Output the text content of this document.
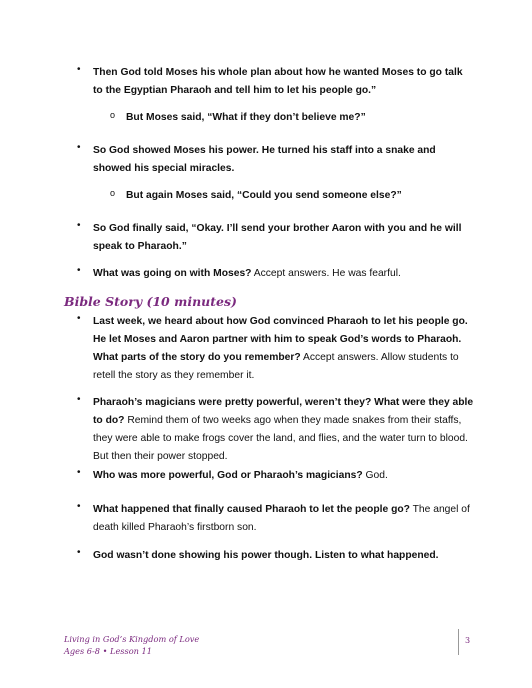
• Then God told Moses his whole plan about how he wanted Moses to go talk to the Egyptian Pharaoh and tell him to let his people go.”
o But Moses said, “What if they don’t believe me?”
• So God showed Moses his power. He turned his staff into a snake and showed his special miracles.
o But again Moses said, “Could you send someone else?”
• So God finally said, “Okay. I’ll send your brother Aaron with you and he will speak to Pharaoh.”
• What was going on with Moses? Accept answers. He was fearful.
Bible Story (10 minutes)
• Last week, we heard about how God convinced Pharaoh to let his people go. He let Moses and Aaron partner with him to speak God’s words to Pharaoh. What parts of the story do you remember? Accept answers. Allow students to retell the story as they remember it.
• Pharaoh’s magicians were pretty powerful, weren’t they? What were they able to do? Remind them of two weeks ago when they made snakes from their staffs, they were able to make frogs cover the land, and flies, and the water turn to blood. But then their power stopped.
• Who was more powerful, God or Pharaoh’s magicians? God.
• What happened that finally caused Pharaoh to let the people go? The angel of death killed Pharaoh’s firstborn son.
• God wasn’t done showing his power though. Listen to what happened.
Living in God’s Kingdom of Love
Ages 6-8 • Lesson 11
3
